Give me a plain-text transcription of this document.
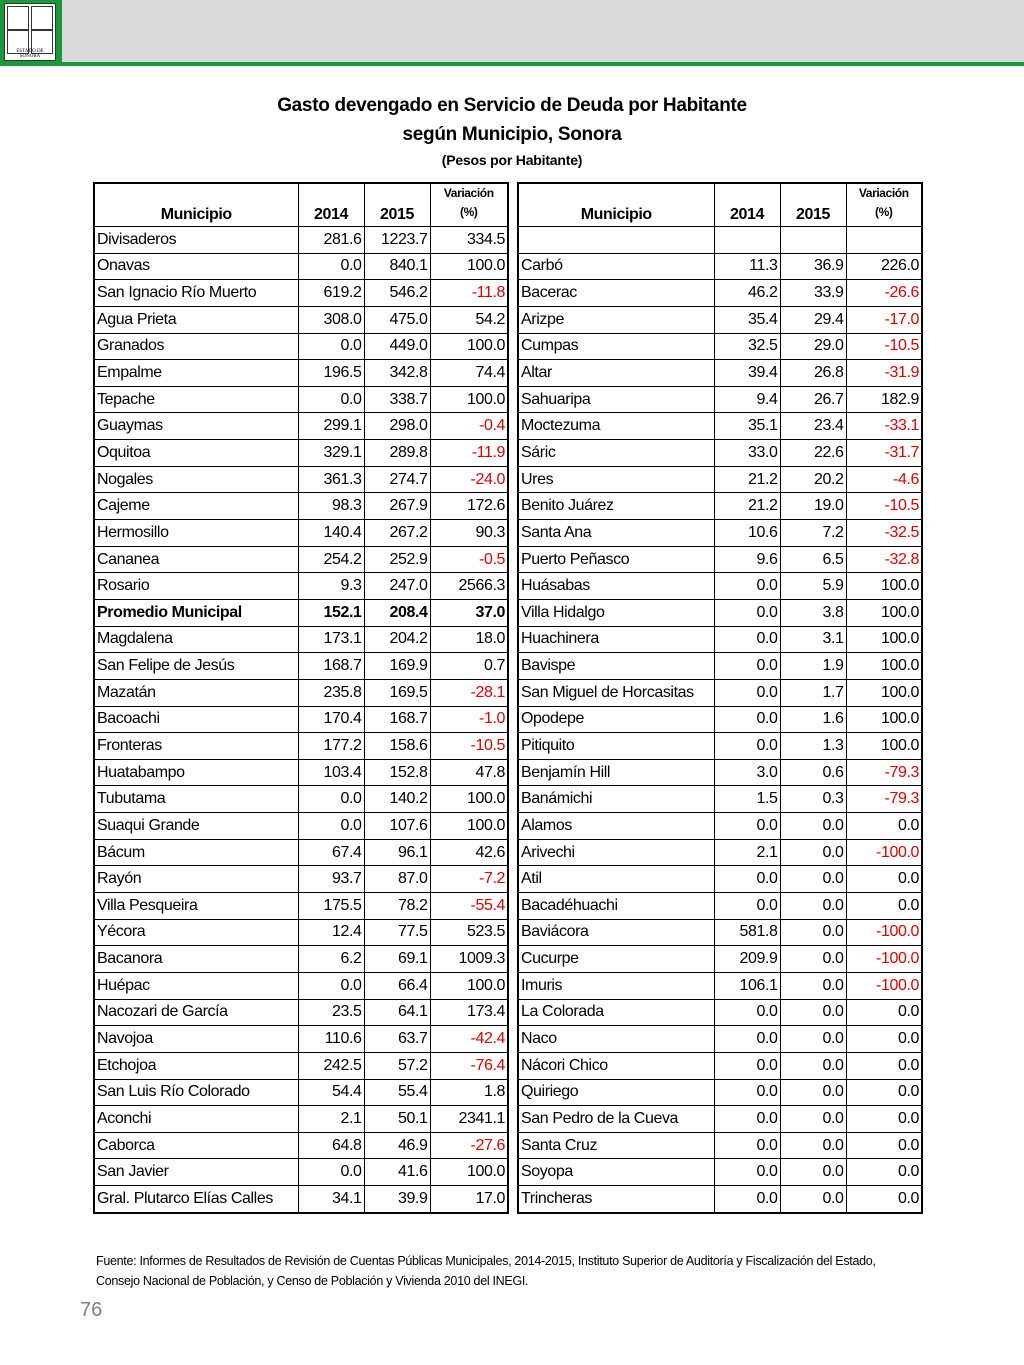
ESTADO DE SONORA
Gasto devengado en Servicio de Deuda por Habitante
según Municipio, Sonora
(Pesos por Habitante)
Municipio	2014	2015	Variación
(%)
Divisaderos	281.6	1223.7	334.5
Onavas	0.0	840.1	100.0
San Ignacio Río Muerto	619.2	546.2	-11.8
Agua Prieta	308.0	475.0	54.2
Granados	0.0	449.0	100.0
Empalme	196.5	342.8	74.4
Tepache	0.0	338.7	100.0
Guaymas	299.1	298.0	-0.4
Oquitoa	329.1	289.8	-11.9
Nogales	361.3	274.7	-24.0
Cajeme	98.3	267.9	172.6
Hermosillo	140.4	267.2	90.3
Cananea	254.2	252.9	-0.5
Rosario	9.3	247.0	2566.3
Promedio Municipal	152.1	208.4	37.0
Magdalena	173.1	204.2	18.0
San Felipe de Jesús	168.7	169.9	0.7
Mazatán	235.8	169.5	-28.1
Bacoachi	170.4	168.7	-1.0
Fronteras	177.2	158.6	-10.5
Huatabampo	103.4	152.8	47.8
Tubutama	0.0	140.2	100.0
Suaqui Grande	0.0	107.6	100.0
Bácum	67.4	96.1	42.6
Rayón	93.7	87.0	-7.2
Villa Pesqueira	175.5	78.2	-55.4
Yécora	12.4	77.5	523.5
Bacanora	6.2	69.1	1009.3
Huépac	0.0	66.4	100.0
Nacozari de García	23.5	64.1	173.4
Navojoa	110.6	63.7	-42.4
Etchojoa	242.5	57.2	-76.4
San Luis Río Colorado	54.4	55.4	1.8
Aconchi	2.1	50.1	2341.1
Caborca	64.8	46.9	-27.6
San Javier	0.0	41.6	100.0
Gral. Plutarco Elías Calles	34.1	39.9	17.0
Municipio	2014	2015	Variación
(%)

Carbó	11.3	36.9	226.0
Bacerac	46.2	33.9	-26.6
Arizpe	35.4	29.4	-17.0
Cumpas	32.5	29.0	-10.5
Altar	39.4	26.8	-31.9
Sahuaripa	9.4	26.7	182.9
Moctezuma	35.1	23.4	-33.1
Sáric	33.0	22.6	-31.7
Ures	21.2	20.2	-4.6
Benito Juárez	21.2	19.0	-10.5
Santa Ana	10.6	7.2	-32.5
Puerto Peñasco	9.6	6.5	-32.8
Huásabas	0.0	5.9	100.0
Villa Hidalgo	0.0	3.8	100.0
Huachinera	0.0	3.1	100.0
Bavispe	0.0	1.9	100.0
San Miguel de Horcasitas	0.0	1.7	100.0
Opodepe	0.0	1.6	100.0
Pitiquito	0.0	1.3	100.0
Benjamín Hill	3.0	0.6	-79.3
Banámichi	1.5	0.3	-79.3
Alamos	0.0	0.0	0.0
Arivechi	2.1	0.0	-100.0
Atil	0.0	0.0	0.0
Bacadéhuachi	0.0	0.0	0.0
Baviácora	581.8	0.0	-100.0
Cucurpe	209.9	0.0	-100.0
Imuris	106.1	0.0	-100.0
La Colorada	0.0	0.0	0.0
Naco	0.0	0.0	0.0
Nácori Chico	0.0	0.0	0.0
Quiriego	0.0	0.0	0.0
San Pedro de la Cueva	0.0	0.0	0.0
Santa Cruz	0.0	0.0	0.0
Soyopa	0.0	0.0	0.0
Trincheras	0.0	0.0	0.0
Fuente: Informes de Resultados de Revisión de Cuentas Públicas Municipales, 2014-2015, Instituto Superior de Auditoría y Fiscalización del Estado,
Consejo Nacional de Población, y Censo de Población y Vivienda 2010 del INEGI.
76
